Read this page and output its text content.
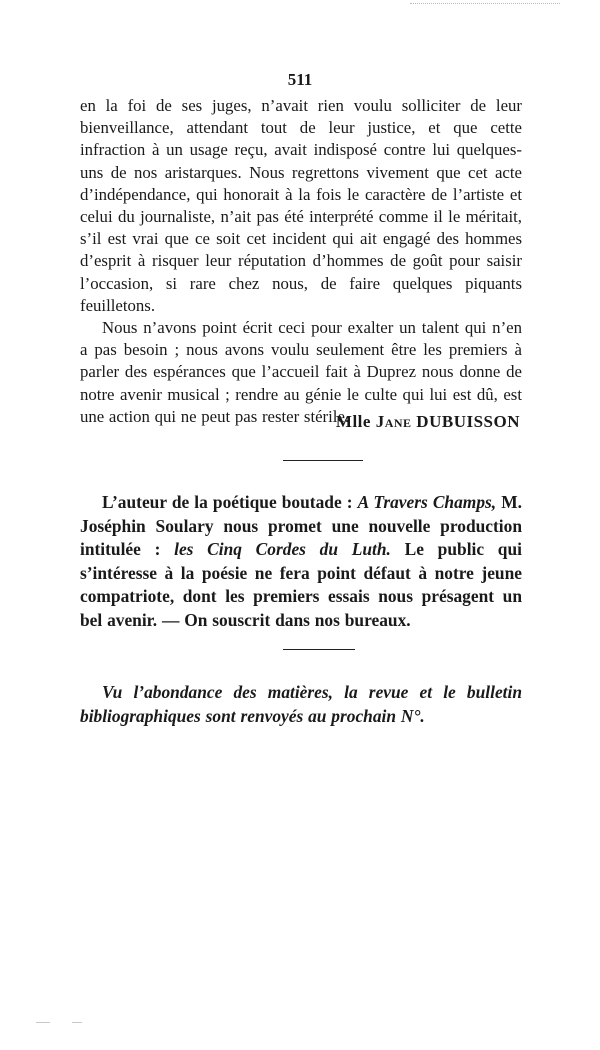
511

en la foi de ses juges, n’avait rien voulu solliciter de leur bienveillance, attendant tout de leur justice, et que cette infraction à un usage reçu, avait indisposé contre lui quelques-uns de nos aristarques. Nous regrettons vivement que cet acte d’indépendance, qui honorait à la fois le caractère de l’artiste et celui du journaliste, n’ait pas été interprété comme il le méritait, s’il est vrai que ce soit cet incident qui ait engagé des hommes d’esprit à risquer leur réputation d’hommes de goût pour saisir l’occasion, si rare chez nous, de faire quelques piquants feuilletons.

Nous n’avons point écrit ceci pour exalter un talent qui n’en a pas besoin ; nous avons voulu seulement être les premiers à parler des espérances que l’accueil fait à Duprez nous donne de notre avenir musical ; rendre au génie le culte qui lui est dû, est une action qui ne peut pas rester stérile.

Mlle Jane DUBUISSON

L’auteur de la poétique boutade : A Travers Champs, M. Joséphin Soulary nous promet une nouvelle production intitulée : les Cinq Cordes du Luth. Le public qui s’intéresse à la poésie ne fera point défaut à notre jeune compatriote, dont les premiers essais nous présagent un bel avenir. — On souscrit dans nos bureaux.

Vu l’abondance des matières, la revue et le bulletin bibliographiques sont renvoyés au prochain N°.
